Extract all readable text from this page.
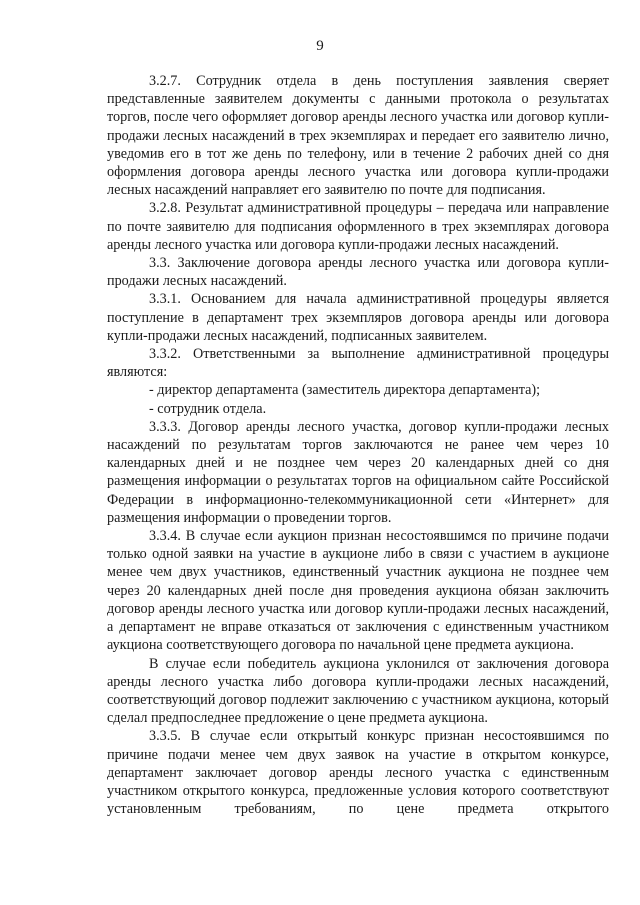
9

3.2.7. Сотрудник отдела в день поступления заявления сверяет представленные заявителем документы с данными протокола о результатах торгов, после чего оформляет договор аренды лесного участка или договор купли-продажи лесных насаждений в трех экземплярах и передает его заявителю лично, уведомив его в тот же день по телефону, или в течение 2 рабочих дней со дня оформления договора аренды лесного участка или договора купли-продажи лесных насаждений направляет его заявителю по почте для подписания.

3.2.8. Результат административной процедуры – передача или направление по почте заявителю для подписания оформленного в трех экземплярах договора аренды лесного участка или договора купли-продажи лесных насаждений.

3.3. Заключение договора аренды лесного участка или договора купли-продажи лесных насаждений.

3.3.1. Основанием для начала административной процедуры является поступление в департамент трех экземпляров договора аренды или договора купли-продажи лесных насаждений, подписанных заявителем.

3.3.2. Ответственными за выполнение административной процедуры являются:

- директор департамента (заместитель директора департамента);

- сотрудник отдела.

3.3.3. Договор аренды лесного участка, договор купли-продажи лесных насаждений по результатам торгов заключаются не ранее чем через 10 календарных дней и не позднее чем через 20 календарных дней со дня размещения информации о результатах торгов на официальном сайте Российской Федерации в информационно-телекоммуникационной сети «Интернет» для размещения информации о проведении торгов.

3.3.4. В случае если аукцион признан несостоявшимся по причине подачи только одной заявки на участие в аукционе либо в связи с участием в аукционе менее чем двух участников, единственный участник аукциона не позднее чем через 20 календарных дней после дня проведения аукциона обязан заключить договор аренды лесного участка или договор купли-продажи лесных насаждений, а департамент не вправе отказаться от заключения с единственным участником аукциона соответствующего договора по начальной цене предмета аукциона.

В случае если победитель аукциона уклонился от заключения договора аренды лесного участка либо договора купли-продажи лесных насаждений, соответствующий договор подлежит заключению с участником аукциона, который сделал предпоследнее предложение о цене предмета аукциона.

3.3.5. В случае если открытый конкурс признан несостоявшимся по причине подачи менее чем двух заявок на участие в открытом конкурсе, департамент заключает договор аренды лесного участка с единственным участником открытого конкурса, предложенные условия которого соответствуют установленным требованиям, по цене предмета открытого
